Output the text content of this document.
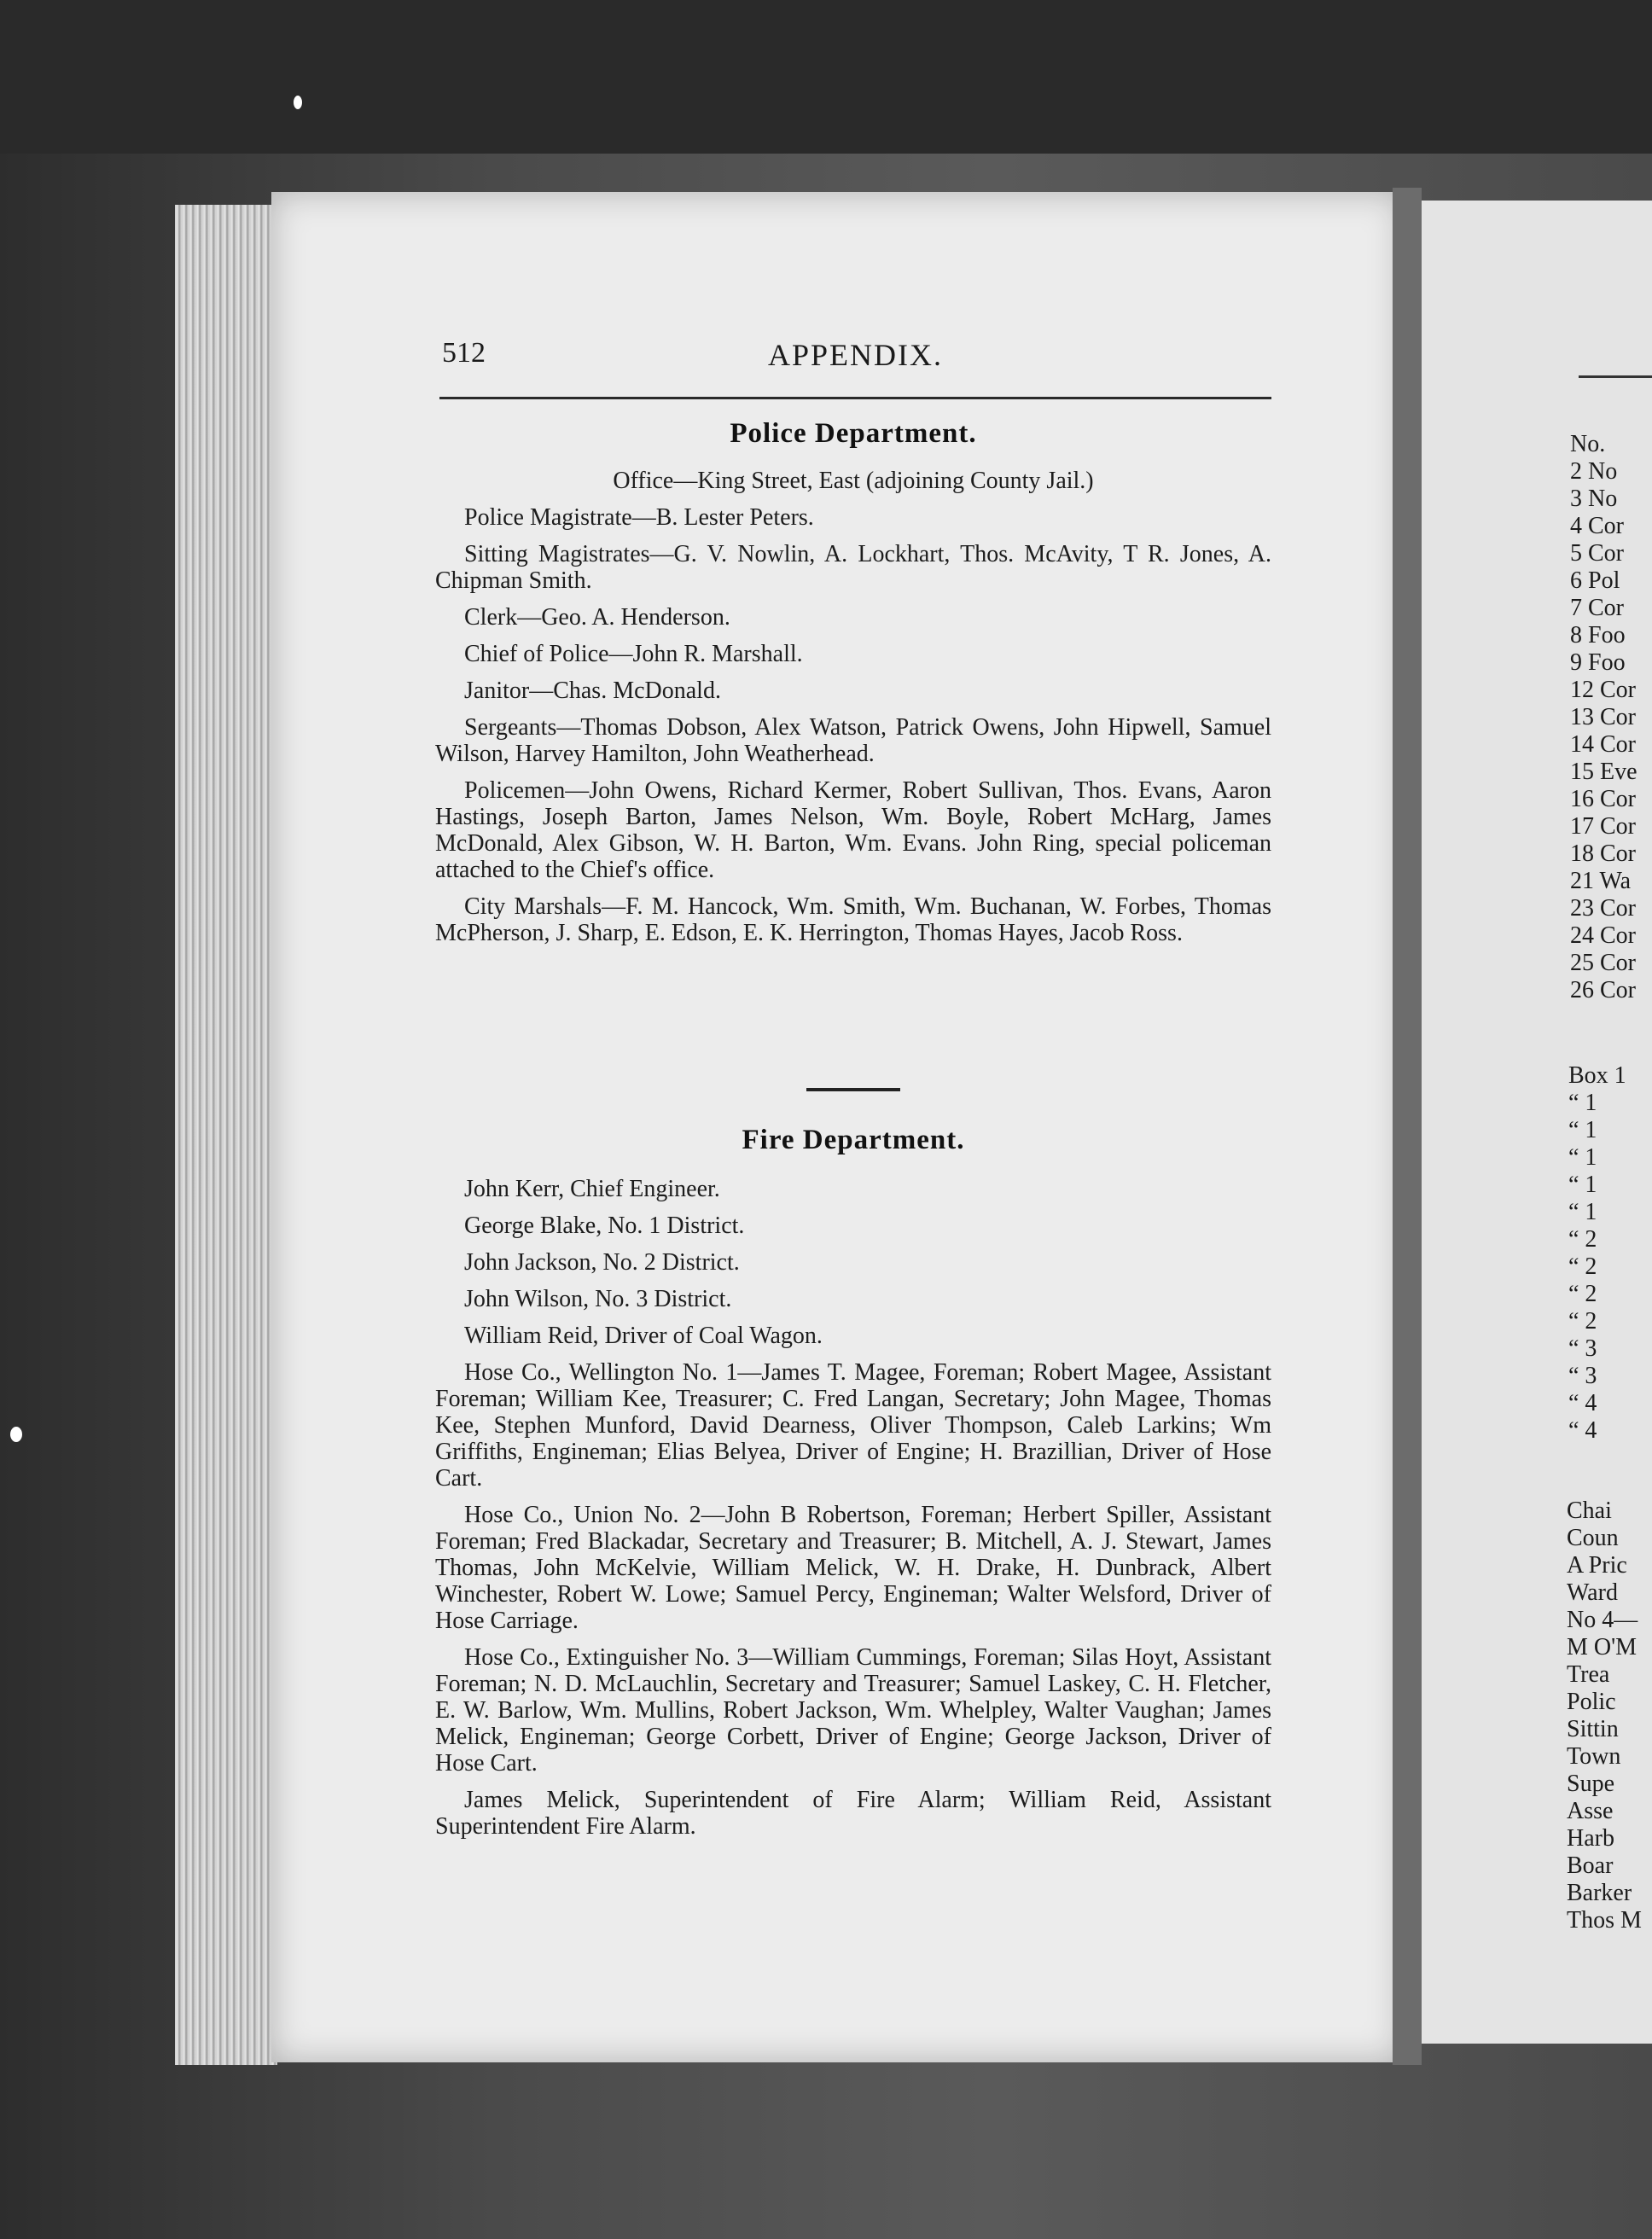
512	APPENDIX.
Police Department.

Office—King Street, East (adjoining County Jail.)

Police Magistrate—B. Lester Peters.

Sitting Magistrates—G. V. Nowlin, A. Lockhart, Thos. McAvity, T R. Jones, A. Chipman Smith.

Clerk—Geo. A. Henderson.

Chief of Police—John R. Marshall.

Janitor—Chas. McDonald.

Sergeants—Thomas Dobson, Alex Watson, Patrick Owens, John Hipwell, Samuel Wilson, Harvey Hamilton, John Weatherhead.

Policemen—John Owens, Richard Kermer, Robert Sullivan, Thos. Evans, Aaron Hastings, Joseph Barton, James Nelson, Wm. Boyle, Robert McHarg, James McDonald, Alex Gibson, W. H. Barton, Wm. Evans. John Ring, special policeman attached to the Chief's office.

City Marshals—F. M. Hancock, Wm. Smith, Wm. Buchanan, W. Forbes, Thomas McPherson, J. Sharp, E. Edson, E. K. Herrington, Thomas Hayes, Jacob Ross.

Fire Department.

John Kerr, Chief Engineer.

George Blake, No. 1 District.

John Jackson, No. 2 District.

John Wilson, No. 3 District.

William Reid, Driver of Coal Wagon.

Hose Co., Wellington No. 1—James T. Magee, Foreman; Robert Magee, Assistant Foreman; William Kee, Treasurer; C. Fred Langan, Secretary; John Magee, Thomas Kee, Stephen Munford, David Dearness, Oliver Thompson, Caleb Larkins; Wm Griffiths, Engineman; Elias Belyea, Driver of Engine; H. Brazillian, Driver of Hose Cart.

Hose Co., Union No. 2—John B Robertson, Foreman; Herbert Spiller, Assistant Foreman; Fred Blackadar, Secretary and Treasurer; B. Mitchell, A. J. Stewart, James Thomas, John McKelvie, William Melick, W. H. Drake, H. Dunbrack, Albert Winchester, Robert W. Lowe; Samuel Percy, Engineman; Walter Welsford, Driver of Hose Carriage.

Hose Co., Extinguisher No. 3—William Cummings, Foreman; Silas Hoyt, Assistant Foreman; N. D. McLauchlin, Secretary and Treasurer; Samuel Laskey, C. H. Fletcher, E. W. Barlow, Wm. Mullins, Robert Jackson, Wm. Whelpley, Walter Vaughan; James Melick, Engineman; George Corbett, Driver of Engine; George Jackson, Driver of Hose Cart.

James Melick, Superintendent of Fire Alarm; William Reid, Assistant Superintendent Fire Alarm.

No.
2 No
3 No
4 Cor
5 Cor
6 Pol
7 Cor
8 Foo
9 Foo
12 Cor
13 Cor
14 Cor
15 Eve
16 Cor
17 Cor
18 Cor
21 Wa
23 Cor
24 Cor
25 Cor
26 Cor
Box 1
“ 1
“ 1
“ 1
“ 1
“ 1
“ 2
“ 2
“ 2
“ 2
“ 3
“ 3
“ 4
“ 4
Chai
Coun
A Pric
Ward
No 4—
M O'M
Trea
Polic
Sittin
Town
Supe
Asse
Harb
Boar
Barker
Thos M
